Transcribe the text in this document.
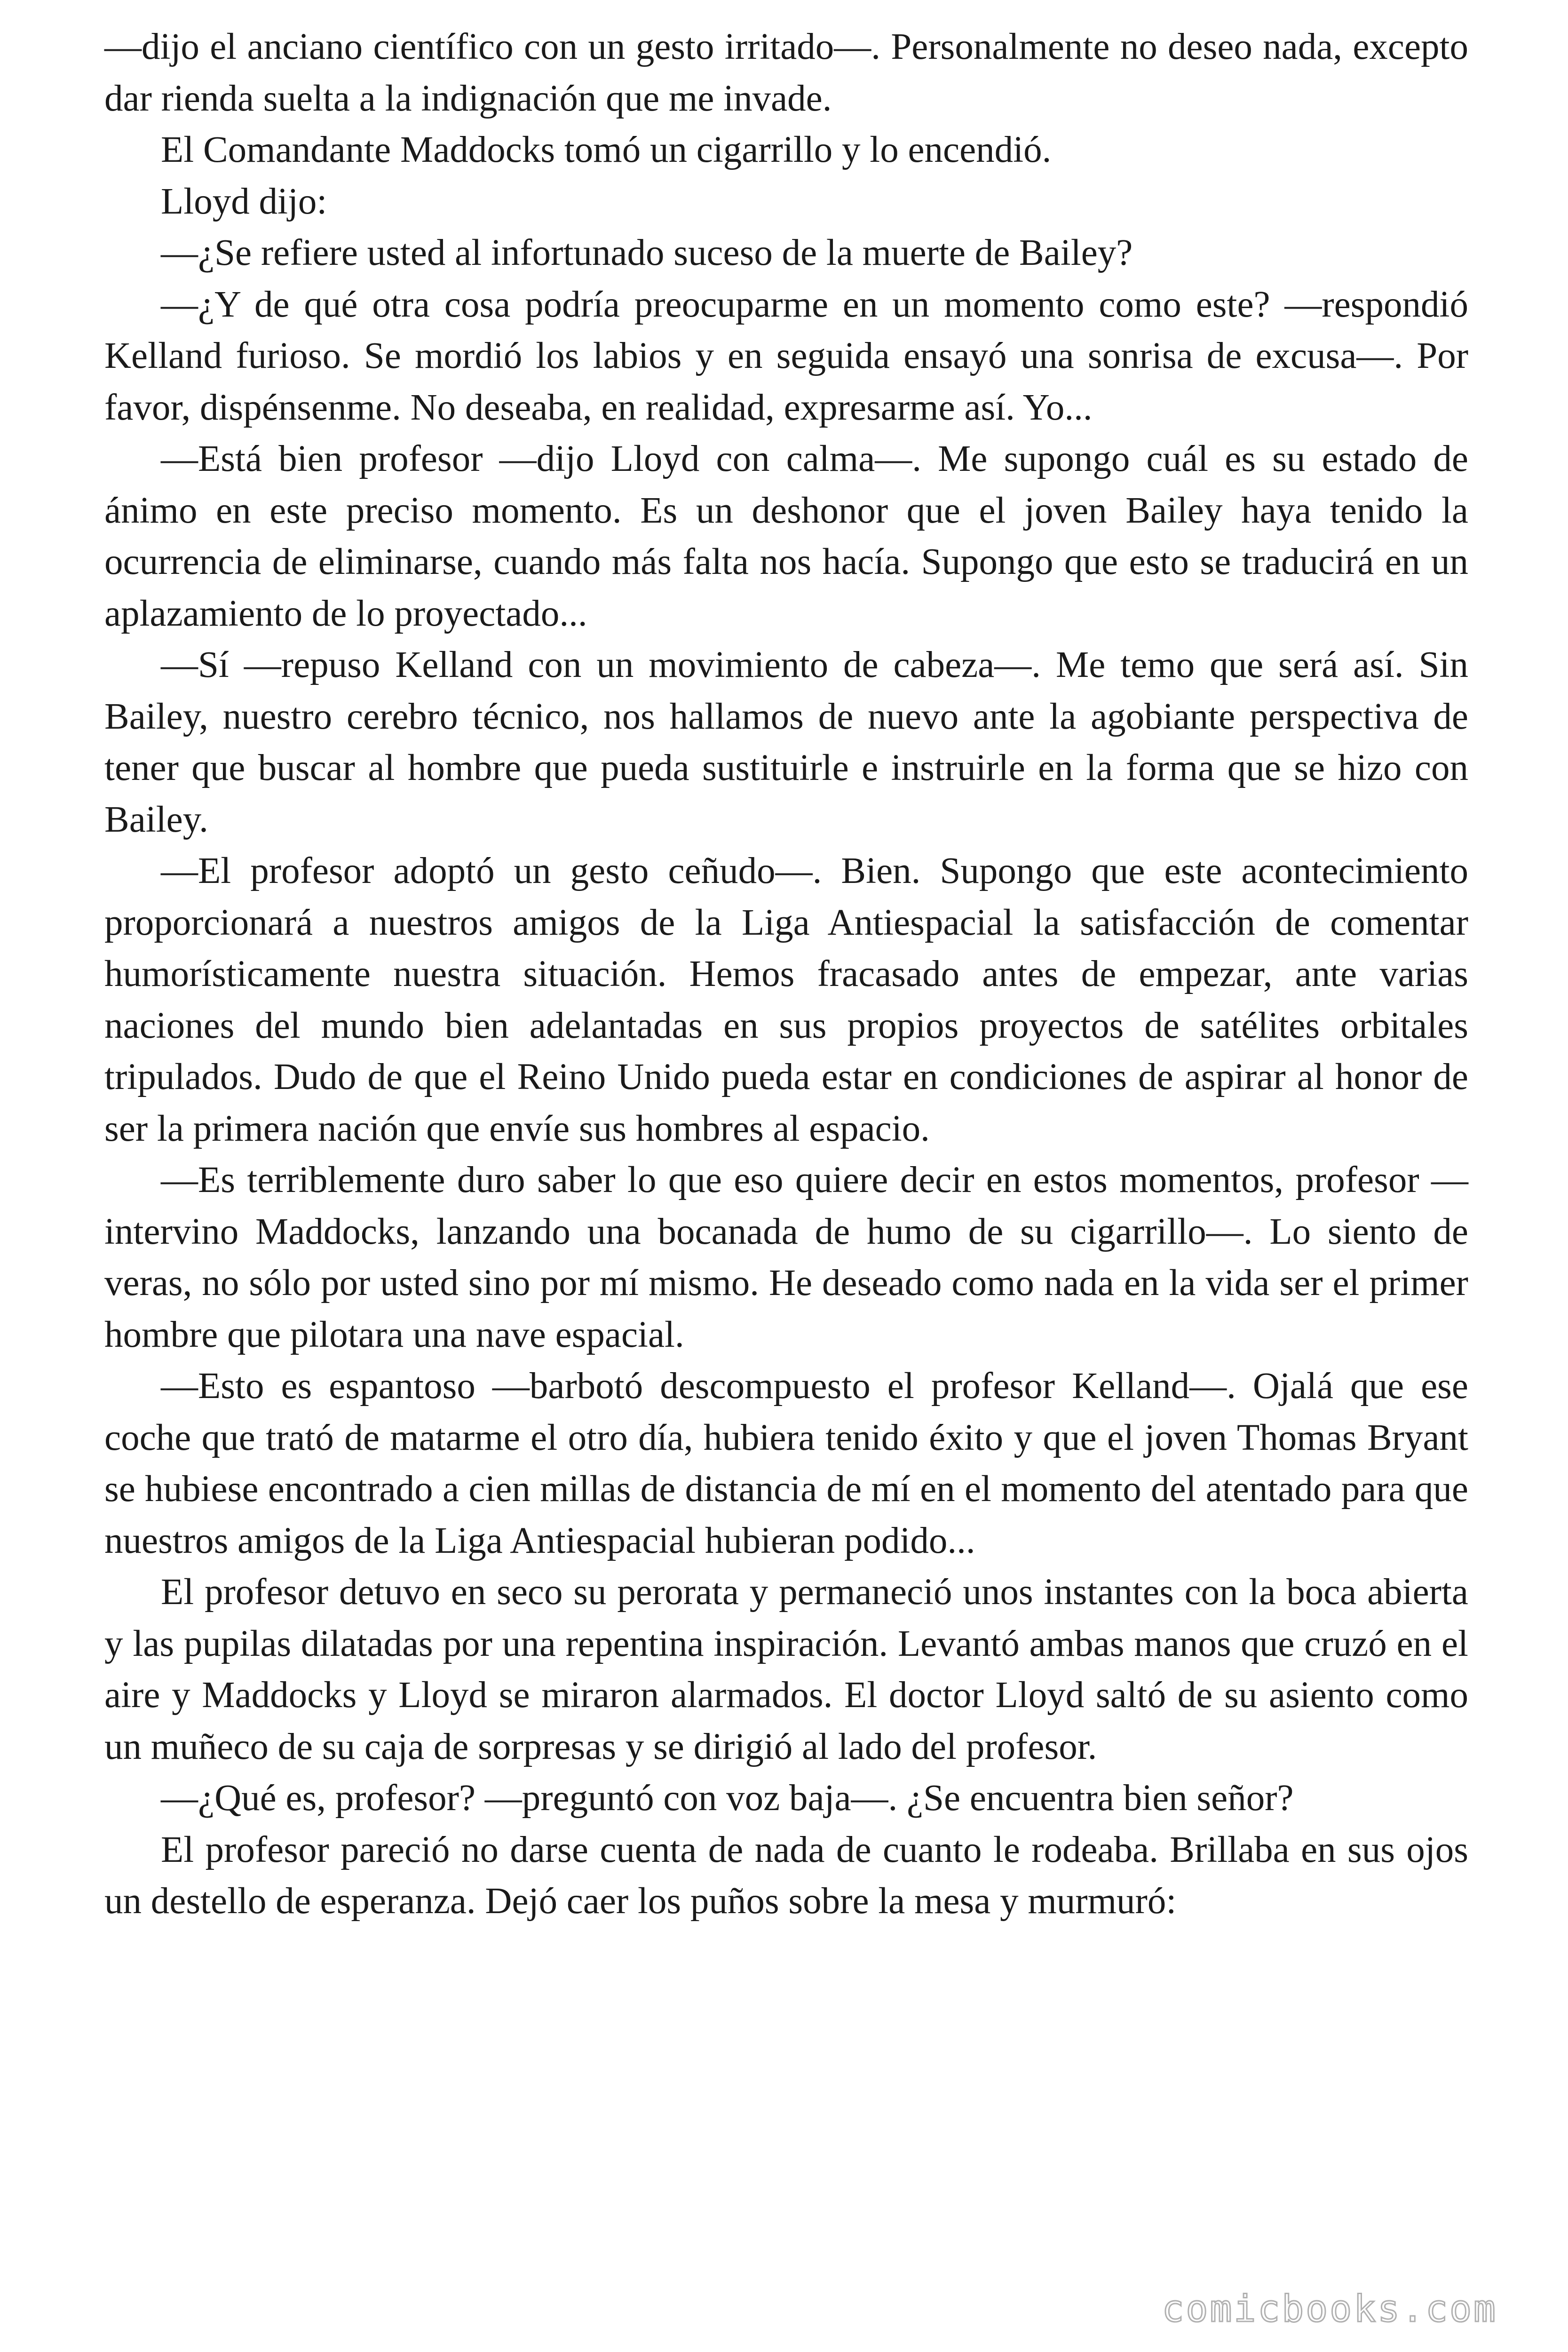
—dijo el anciano científico con un gesto irritado—. Personalmente no deseo nada, excepto dar rienda suelta a la indignación que me invade.

El Comandante Maddocks tomó un cigarrillo y lo encendió.

Lloyd dijo:

—¿Se refiere usted al infortunado suceso de la muerte de Bailey?

—¿Y de qué otra cosa podría preocuparme en un momento como este? —respondió Kelland furioso. Se mordió los labios y en seguida ensayó una sonrisa de excusa—. Por favor, dispénsenme. No deseaba, en realidad, expresarme así. Yo...

—Está bien profesor —dijo Lloyd con calma—. Me supongo cuál es su estado de ánimo en este preciso momento. Es un deshonor que el joven Bailey haya tenido la ocurrencia de eliminarse, cuando más falta nos hacía. Supongo que esto se traducirá en un aplazamiento de lo proyectado...

—Sí —repuso Kelland con un movimiento de cabeza—. Me temo que será así. Sin Bailey, nuestro cerebro técnico, nos hallamos de nuevo ante la agobiante perspectiva de tener que buscar al hombre que pueda sustituirle e instruirle en la forma que se hizo con Bailey.

—El profesor adoptó un gesto ceñudo—. Bien. Supongo que este acontecimiento proporcionará a nuestros amigos de la Liga Antiespacial la satisfacción de comentar humorísticamente nuestra situación. Hemos fracasado antes de empezar, ante varias naciones del mundo bien adelantadas en sus propios proyectos de satélites orbitales tripulados. Dudo de que el Reino Unido pueda estar en condiciones de aspirar al honor de ser la primera nación que envíe sus hombres al espacio.

—Es terriblemente duro saber lo que eso quiere decir en estos momentos, profesor —intervino Maddocks, lanzando una bocanada de humo de su cigarrillo—. Lo siento de veras, no sólo por usted sino por mí mismo. He deseado como nada en la vida ser el primer hombre que pilotara una nave espacial.

—Esto es espantoso —barbotó descompuesto el profesor Kelland—. Ojalá que ese coche que trató de matarme el otro día, hubiera tenido éxito y que el joven Thomas Bryant se hubiese encontrado a cien millas de distancia de mí en el momento del atentado para que nuestros amigos de la Liga Antiespacial hubieran podido...

El profesor detuvo en seco su perorata y permaneció unos instantes con la boca abierta y las pupilas dilatadas por una repentina inspiración. Levantó ambas manos que cruzó en el aire y Maddocks y Lloyd se miraron alarmados. El doctor Lloyd saltó de su asiento como un muñeco de su caja de sorpresas y se dirigió al lado del profesor.

—¿Qué es, profesor? —preguntó con voz baja—. ¿Se encuentra bien señor?

El profesor pareció no darse cuenta de nada de cuanto le rodeaba. Brillaba en sus ojos un destello de esperanza. Dejó caer los puños sobre la mesa y murmuró:

comicbooks.com
